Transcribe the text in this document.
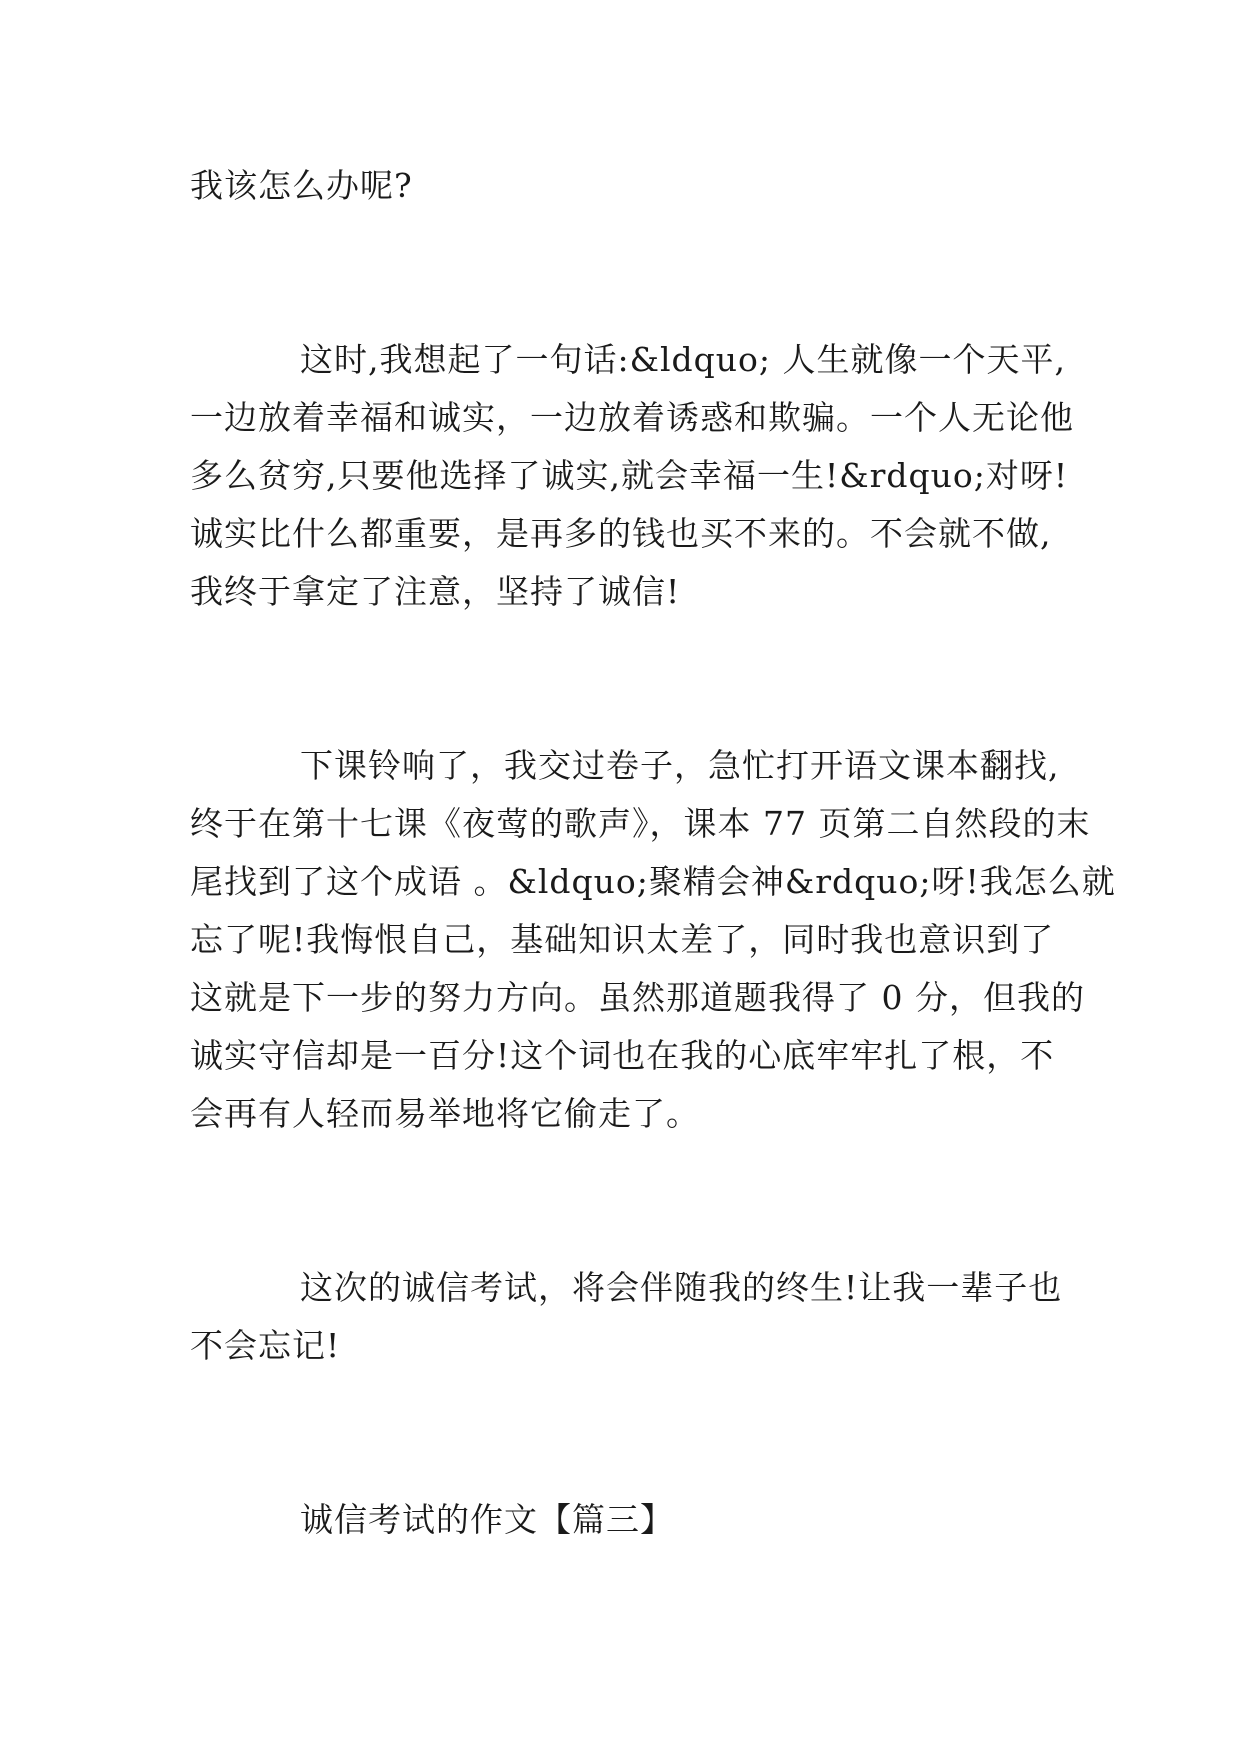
我该怎么办呢?
这时,我想起了一句话:&ldquo; 人生就像一个天平,
一边放着幸福和诚实，一边放着诱惑和欺骗。一个人无论他
多么贫穷,只要他选择了诚实,就会幸福一生!&rdquo;对呀!
诚实比什么都重要，是再多的钱也买不来的。不会就不做,
我终于拿定了注意，坚持了诚信!
下课铃响了，我交过卷子，急忙打开语文课本翻找,
终于在第十七课《夜莺的歌声》，课本 77 页第二自然段的末
尾找到了这个成语 。&ldquo;聚精会神&rdquo;呀!我怎么就
忘了呢!我悔恨自己，基础知识太差了，同时我也意识到了
这就是下一步的努力方向。虽然那道题我得了 0 分，但我的
诚实守信却是一百分!这个词也在我的心底牢牢扎了根，不
会再有人轻而易举地将它偷走了。
这次的诚信考试，将会伴随我的终生!让我一辈子也
不会忘记!
诚信考试的作文【篇三】
